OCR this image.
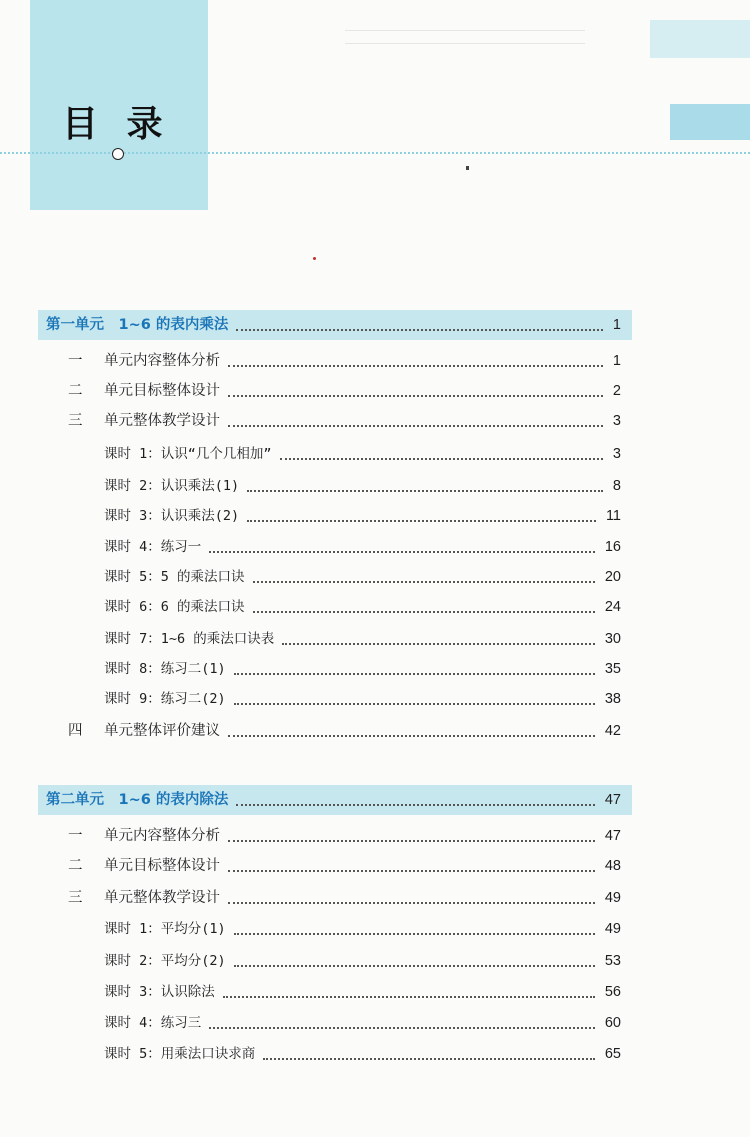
目 录
第一单元　1~6 的表内乘法	1
一 单元内容整体分析	1
二 单元目标整体设计	2
三 单元整体教学设计	3
课时 1：认识“几个几相加”	3
课时 2：认识乘法(1)	8
课时 3：认识乘法(2)	11
课时 4：练习一	16
课时 5：5 的乘法口诀	20
课时 6：6 的乘法口诀	24
课时 7：1~6 的乘法口诀表	30
课时 8：练习二(1)	35
课时 9：练习二(2)	38
四 单元整体评价建议	42
第二单元　1~6 的表内除法	47
一 单元内容整体分析	47
二 单元目标整体设计	48
三 单元整体教学设计	49
课时 1：平均分(1)	49
课时 2：平均分(2)	53
课时 3：认识除法	56
课时 4：练习三	60
课时 5：用乘法口诀求商	65
